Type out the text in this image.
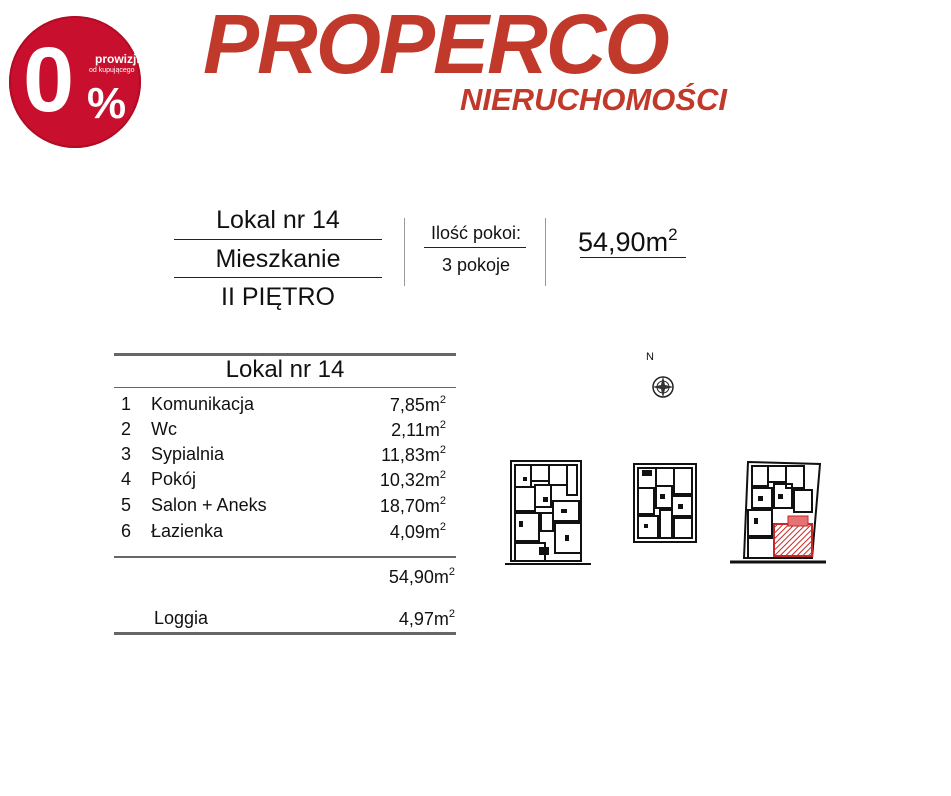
0 prowizji
od kupującego
%
PROPERCO
NIERUCHOMOŚCI
Lokal nr 14
Mieszkanie
II PIĘTRO
Ilość pokoi:
3 pokoje
$54,90m^2$
Lokal nr 14
1 Komunikacja	$7,85m^2$
2 Wc	$2,11m^2$
3 Sypialnia	$11,83m^2$
4 Pokój	$10,32m^2$
5 Salon + Aneks	$18,70m^2$
6 Łazienka	$4,09m^2$
$54,90m^2$
Loggia	$4,97m^2$
N
